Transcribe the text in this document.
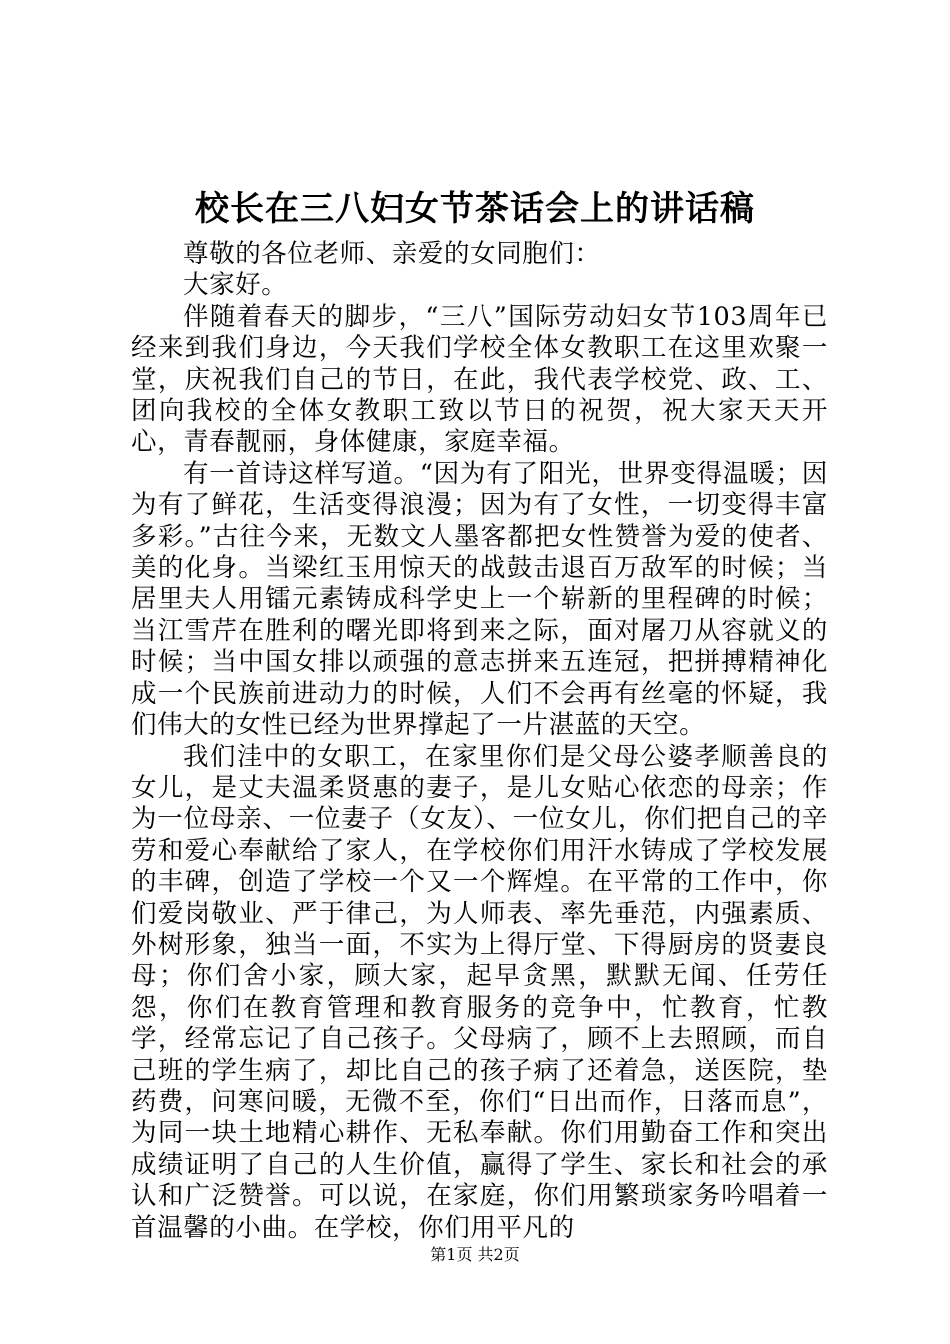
校长在三八妇女节茶话会上的讲话稿

尊敬的各位老师、亲爱的女同胞们：

大家好。

伴随着春天的脚步，“三八”国际劳动妇女节103周年已经来到我们身边，今天我们学校全体女教职工在这里欢聚一堂，庆祝我们自己的节日，在此，我代表学校党、政、工、团向我校的全体女教职工致以节日的祝贺，祝大家天天开心，青春靓丽，身体健康，家庭幸福。

有一首诗这样写道。“因为有了阳光，世界变得温暖；因为有了鲜花，生活变得浪漫；因为有了女性，一切变得丰富多彩。”古往今来，无数文人墨客都把女性赞誉为爱的使者、美的化身。当梁红玉用惊天的战鼓击退百万敌军的时候；当居里夫人用镭元素铸成科学史上一个崭新的里程碑的时候；当江雪芹在胜利的曙光即将到来之际，面对屠刀从容就义的时候；当中国女排以顽强的意志拼来五连冠，把拼搏精神化成一个民族前进动力的时候，人们不会再有丝毫的怀疑，我们伟大的女性已经为世界撑起了一片湛蓝的天空。

我们洼中的女职工，在家里你们是父母公婆孝顺善良的女儿，是丈夫温柔贤惠的妻子，是儿女贴心依恋的母亲；作为一位母亲、一位妻子（女友）、一位女儿，你们把自己的辛劳和爱心奉献给了家人，在学校你们用汗水铸成了学校发展的丰碑，创造了学校一个又一个辉煌。在平常的工作中，你们爱岗敬业、严于律己，为人师表、率先垂范，内强素质、外树形象，独当一面，不实为上得厅堂、下得厨房的贤妻良母；你们舍小家，顾大家，起早贪黑，默默无闻、任劳任怨，你们在教育管理和教育服务的竞争中，忙教育，忙教学，经常忘记了自己孩子。父母病了，顾不上去照顾，而自己班的学生病了，却比自己的孩子病了还着急，送医院，垫药费，问寒问暖，无微不至，你们“日出而作，日落而息”，为同一块土地精心耕作、无私奉献。你们用勤奋工作和突出成绩证明了自己的人生价值，赢得了学生、家长和社会的承认和广泛赞誉。可以说，在家庭，你们用繁琐家务吟唱着一首温馨的小曲。在学校，你们用平凡的

第1页 共2页
